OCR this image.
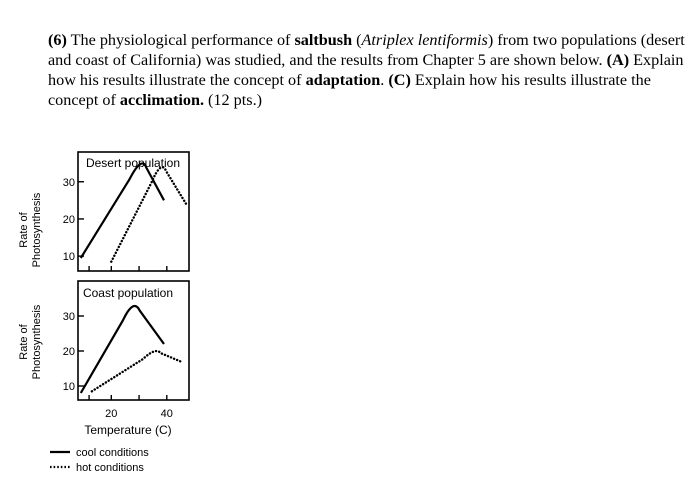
(6) The physiological performance of saltbush (Atriplex lentiformis) from two populations (desert and coast of California) was studied, and the results from Chapter 5 are shown below. (A) Explain how his results illustrate the concept of adaptation. (C) Explain how his results illustrate the concept of acclimation. (12 pts.)
Rate of Photosynthesis
Desert population
10
20
30
Rate of Photosynthesis
Coast population
10
20
30
20	40
Temperature (C)
cool conditions
hot conditions
